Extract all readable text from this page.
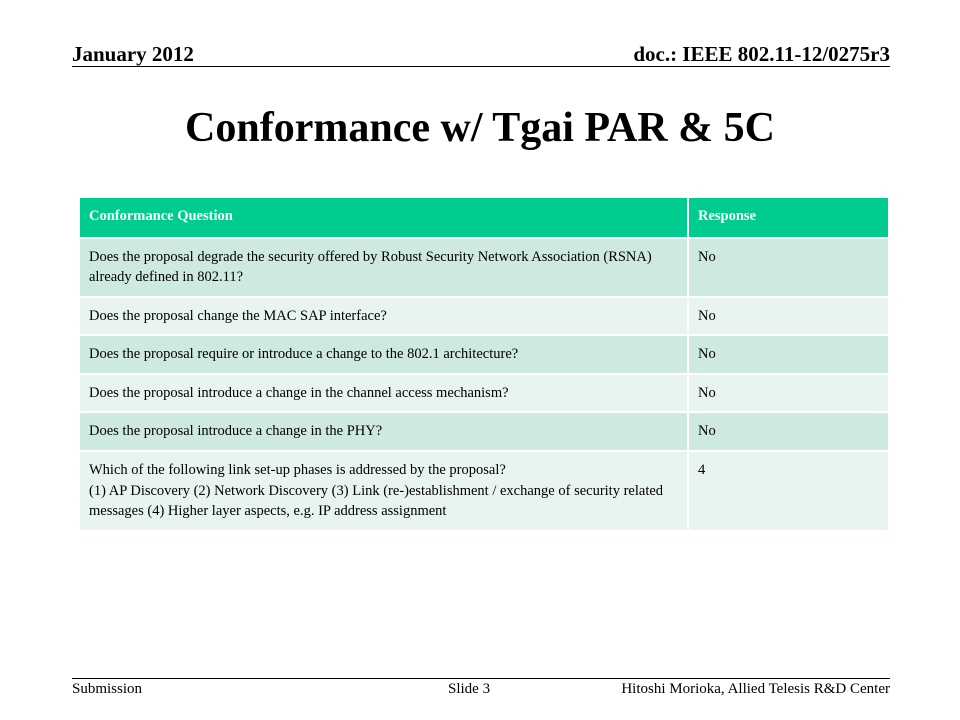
January 2012	doc.: IEEE 802.11-12/0275r3
Conformance w/ Tgai PAR & 5C
Conformance Question	Response
Does the proposal degrade the security offered by Robust Security Network Association (RSNA) already defined in 802.11?	No
Does the proposal change the MAC SAP interface?	No
Does the proposal require or introduce a change to the 802.1 architecture?	No
Does the proposal introduce a change in the channel access mechanism?	No
Does the proposal introduce a change in the PHY?	No
Which of the following link set-up phases is addressed by the proposal?
(1) AP Discovery (2) Network Discovery (3) Link (re-)establishment / exchange of security related messages (4) Higher layer aspects, e.g. IP address assignment	4
Submission	Slide 3	Hitoshi Morioka, Allied Telesis R&D Center
